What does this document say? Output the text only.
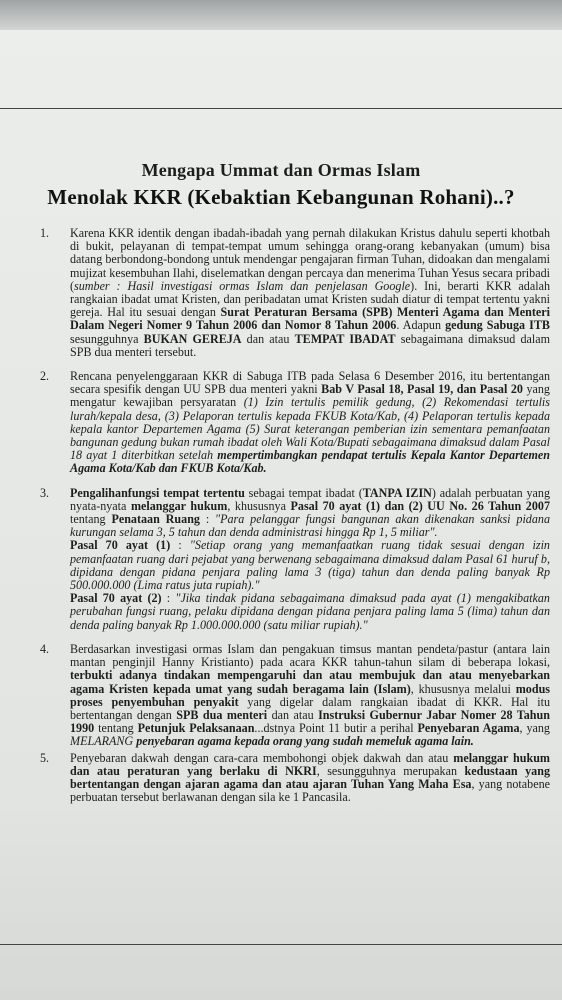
Mengapa Ummat dan Ormas Islam
Menolak KKR (Kebaktian Kebangunan Rohani)..?
1.	Karena KKR identik dengan ibadah-ibadah yang pernah dilakukan Kristus dahulu seperti khotbah di bukit, pelayanan di tempat-tempat umum sehingga orang-orang kebanyakan (umum) bisa datang berbondong-bondong untuk mendengar pengajaran firman Tuhan, didoakan dan mengalami mujizat kesembuhan Ilahi, diselematkan dengan percaya dan menerima Tuhan Yesus secara pribadi (sumber : Hasil investigasi ormas Islam dan penjelasan Google). Ini, berarti KKR adalah rangkaian ibadat umat Kristen, dan peribadatan umat Kristen sudah diatur di tempat tertentu yakni gereja. Hal itu sesuai dengan Surat Peraturan Bersama (SPB) Menteri Agama dan Menteri Dalam Negeri Nomer 9 Tahun 2006 dan Nomor 8 Tahun 2006. Adapun gedung Sabuga ITB sesungguhnya BUKAN GEREJA dan atau TEMPAT IBADAT sebagaimana dimaksud dalam SPB dua menteri tersebut.
2.	Rencana penyelenggaraan KKR di Sabuga ITB pada Selasa 6 Desember 2016, itu bertentangan secara spesifik dengan UU SPB dua menteri yakni Bab V Pasal 18, Pasal 19, dan Pasal 20 yang mengatur kewajiban persyaratan (1) Izin tertulis pemilik gedung, (2) Rekomendasi tertulis lurah/kepala desa, (3) Pelaporan tertulis kepada FKUB Kota/Kab, (4) Pelaporan tertulis kepada kepala kantor Departemen Agama (5) Surat keterangan pemberian izin sementara pemanfaatan bangunan gedung bukan rumah ibadat oleh Wali Kota/Bupati sebagaimana dimaksud dalam Pasal 18 ayat 1 diterbitkan setelah mempertimbangkan pendapat tertulis Kepala Kantor Departemen Agama Kota/Kab dan FKUB Kota/Kab.
3.	Pengalihanfungsi tempat tertentu sebagai tempat ibadat (TANPA IZIN) adalah perbuatan yang nyata-nyata melanggar hukum, khususnya Pasal 70 ayat (1) dan (2) UU No. 26 Tahun 2007 tentang Penataan Ruang : "Para pelanggar fungsi bangunan akan dikenakan sanksi pidana kurungan selama 3, 5 tahun dan denda administrasi hingga Rp 1, 5 miliar".
Pasal 70 ayat (1) : "Setiap orang yang memanfaatkan ruang tidak sesuai dengan izin pemanfaatan ruang dari pejabat yang berwenang sebagaimana dimaksud dalam Pasal 61 huruf b, dipidana dengan pidana penjara paling lama 3 (tiga) tahun dan denda paling banyak Rp 500.000.000 (Lima ratus juta rupiah)."
Pasal 70 ayat (2) : "Jika tindak pidana sebagaimana dimaksud pada ayat (1) mengakibatkan perubahan fungsi ruang, pelaku dipidana dengan pidana penjara paling lama 5 (lima) tahun dan denda paling banyak Rp 1.000.000.000 (satu miliar rupiah)."
4.	Berdasarkan investigasi ormas Islam dan pengakuan timsus mantan pendeta/pastur (antara lain mantan penginjil Hanny Kristianto) pada acara KKR tahun-tahun silam di beberapa lokasi, terbukti adanya tindakan mempengaruhi dan atau membujuk dan atau menyebarkan agama Kristen kepada umat yang sudah beragama lain (Islam), khususnya melalui modus proses penyembuhan penyakit yang digelar dalam rangkaian ibadat di KKR. Hal itu bertentangan dengan SPB dua menteri dan atau Instruksi Gubernur Jabar Nomer 28 Tahun 1990 tentang Petunjuk Pelaksanaan...dstnya Point 11 butir a perihal Penyebaran Agama, yang MELARANG penyebaran agama kepada orang yang sudah memeluk agama lain.
5.	Penyebaran dakwah dengan cara-cara membohongi objek dakwah dan atau melanggar hukum dan atau peraturan yang berlaku di NKRI, sesungguhnya merupakan kedustaan yang bertentangan dengan ajaran agama dan atau ajaran Tuhan Yang Maha Esa, yang notabene perbuatan tersebut berlawanan dengan sila ke 1 Pancasila.
